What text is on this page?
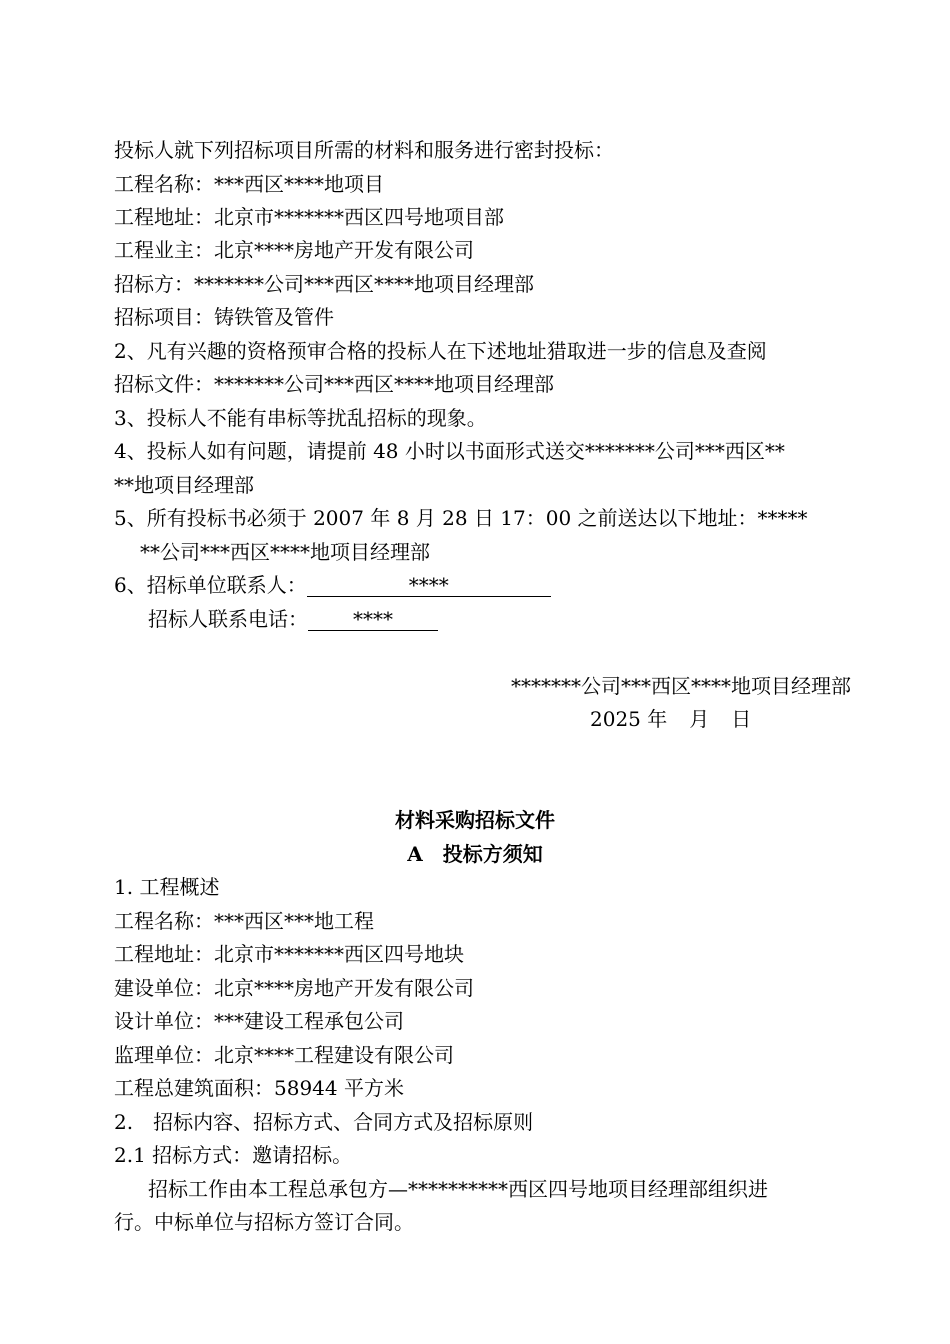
投标人就下列招标项目所需的材料和服务进行密封投标：
工程名称：***西区****地项目
工程地址：北京市*******西区四号地项目部
工程业主：北京****房地产开发有限公司
招标方：*******公司***西区****地项目经理部
招标项目：铸铁管及管件
2、凡有兴趣的资格预审合格的投标人在下述地址猎取进一步的信息及查阅
招标文件：*******公司***西区****地项目经理部
3、投标人不能有串标等扰乱招标的现象。
4、投标人如有问题，请提前 48 小时以书面形式送交*******公司***西区**
**地项目经理部
5、所有投标书必须于 2007 年 8 月 28 日 17：00 之前送达以下地址：*****
**公司***西区****地项目经理部
6、招标单位联系人：	****
招标人联系电话： ****
*******公司***西区****地项目经理部
2025 年 月 日
材料采购招标文件
A　投标方须知
1. 工程概述
工程名称：***西区***地工程
工程地址：北京市*******西区四号地块
建设单位：北京****房地产开发有限公司
设计单位：***建设工程承包公司
监理单位：北京****工程建设有限公司
工程总建筑面积：58944 平方米
2.　招标内容、招标方式、合同方式及招标原则
2.1 招标方式：邀请招标。
招标工作由本工程总承包方—**********西区四号地项目经理部组织进
行。中标单位与招标方签订合同。
